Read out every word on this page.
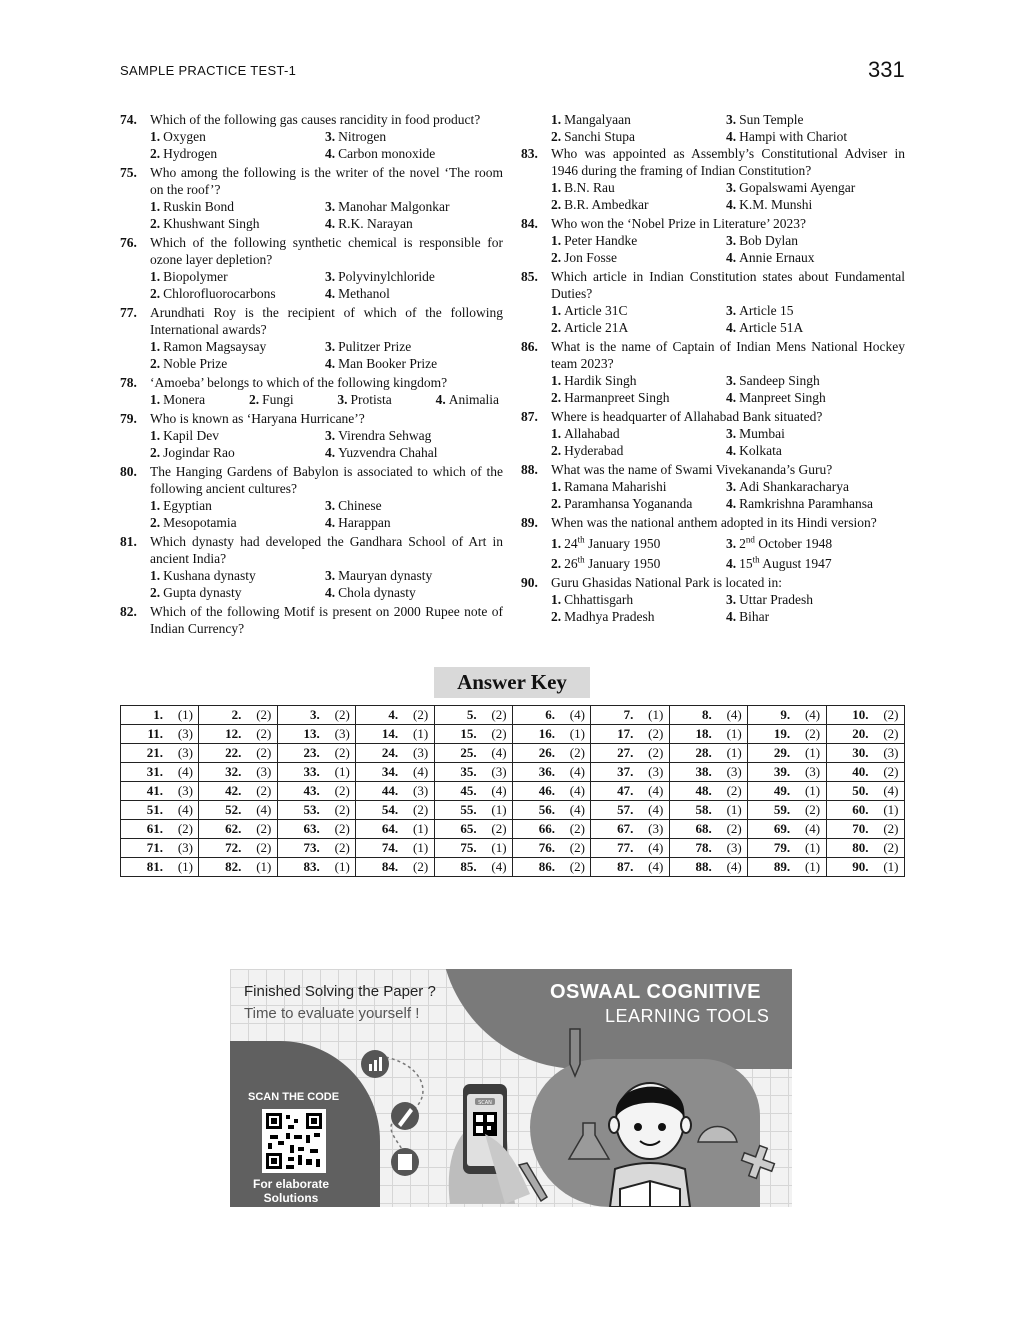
SAMPLE PRACTICE TEST-1	331
74. Which of the following gas causes rancidity in food product?
1. Oxygen	3. Nitrogen
2. Hydrogen	4. Carbon monoxide
75. Who among the following is the writer of the novel ‘The room on the roof’?
1. Ruskin Bond	3. Manohar Malgonkar
2. Khushwant Singh	4. R.K. Narayan
76. Which of the following synthetic chemical is responsible for ozone layer depletion?
1. Biopolymer	3. Polyvinylchloride
2. Chlorofluorocarbons	4. Methanol
77. Arundhati Roy is the recipient of which of the following International awards?
1. Ramon Magsaysay	3. Pulitzer Prize
2. Noble Prize	4. Man Booker Prize
78. ‘Amoeba’ belongs to which of the following kingdom?
1. Monera	2. Fungi	3. Protista	4. Animalia
79. Who is known as ‘Haryana Hurricane’?
1. Kapil Dev	3. Virendra Sehwag
2. Jogindar Rao	4. Yuzvendra Chahal
80. The Hanging Gardens of Babylon is associated to which of the following ancient cultures?
1. Egyptian	3. Chinese
2. Mesopotamia	4. Harappan
81. Which dynasty had developed the Gandhara School of Art in ancient India?
1. Kushana dynasty	3. Mauryan dynasty
2. Gupta dynasty	4. Chola dynasty
82. Which of the following Motif is present on 2000 Rupee note of Indian Currency?
1. Mangalyaan	3. Sun Temple
2. Sanchi Stupa	4. Hampi with Chariot
83. Who was appointed as Assembly’s Constitutional Adviser in 1946 during the framing of Indian Constitution?
1. B.N. Rau	3. Gopalswami Ayengar
2. B.R. Ambedkar	4. K.M. Munshi
84. Who won the ‘Nobel Prize in Literature’ 2023?
1. Peter Handke	3. Bob Dylan
2. Jon Fosse	4. Annie Ernaux
85. Which article in Indian Constitution states about Fundamental Duties?
1. Article 31C	3. Article 15
2. Article 21A	4. Article 51A
86. What is the name of Captain of Indian Mens National Hockey team 2023?
1. Hardik Singh	3. Sandeep Singh
2. Harmanpreet Singh	4. Manpreet Singh
87. Where is headquarter of Allahabad Bank situated?
1. Allahabad	3. Mumbai
2. Hyderabad	4. Kolkata
88. What was the name of Swami Vivekananda’s Guru?
1. Ramana Maharishi	3. Adi Shankaracharya
2. Paramhansa Yogananda	4. Ramkrishna Paramhansa
89. When was the national anthem adopted in its Hindi version?
1. 24th January 1950	3. 2nd October 1948
2. 26th January 1950	4. 15th August 1947
90. Guru Ghasidas National Park is located in:
1. Chhattisgarh	3. Uttar Pradesh
2. Madhya Pradesh	4. Bihar
Answer Key
1. (1)	2. (2)	3. (2)	4. (2)	5. (2)	6. (4)	7. (1)	8. (4)	9. (4)	10. (2)
11. (3)	12. (2)	13. (3)	14. (1)	15. (2)	16. (1)	17. (2)	18. (1)	19. (2)	20. (2)
21. (3)	22. (2)	23. (2)	24. (3)	25. (4)	26. (2)	27. (2)	28. (1)	29. (1)	30. (3)
31. (4)	32. (3)	33. (1)	34. (4)	35. (3)	36. (4)	37. (3)	38. (3)	39. (3)	40. (2)
41. (3)	42. (2)	43. (2)	44. (3)	45. (4)	46. (4)	47. (4)	48. (2)	49. (1)	50. (4)
51. (4)	52. (4)	53. (2)	54. (2)	55. (1)	56. (4)	57. (4)	58. (1)	59. (2)	60. (1)
61. (2)	62. (2)	63. (2)	64. (1)	65. (2)	66. (2)	67. (3)	68. (2)	69. (4)	70. (2)
71. (3)	72. (2)	73. (2)	74. (1)	75. (1)	76. (2)	77. (4)	78. (3)	79. (1)	80. (2)
81. (1)	82. (1)	83. (1)	84. (2)	85. (4)	86. (2)	87. (4)	88. (4)	89. (1)	90. (1)
Finished Solving the Paper ?
Time to evaluate yourself !
OSWAAL COGNITIVE
LEARNING TOOLS
SCAN THE CODE
For elaborate Solutions
SCAN
